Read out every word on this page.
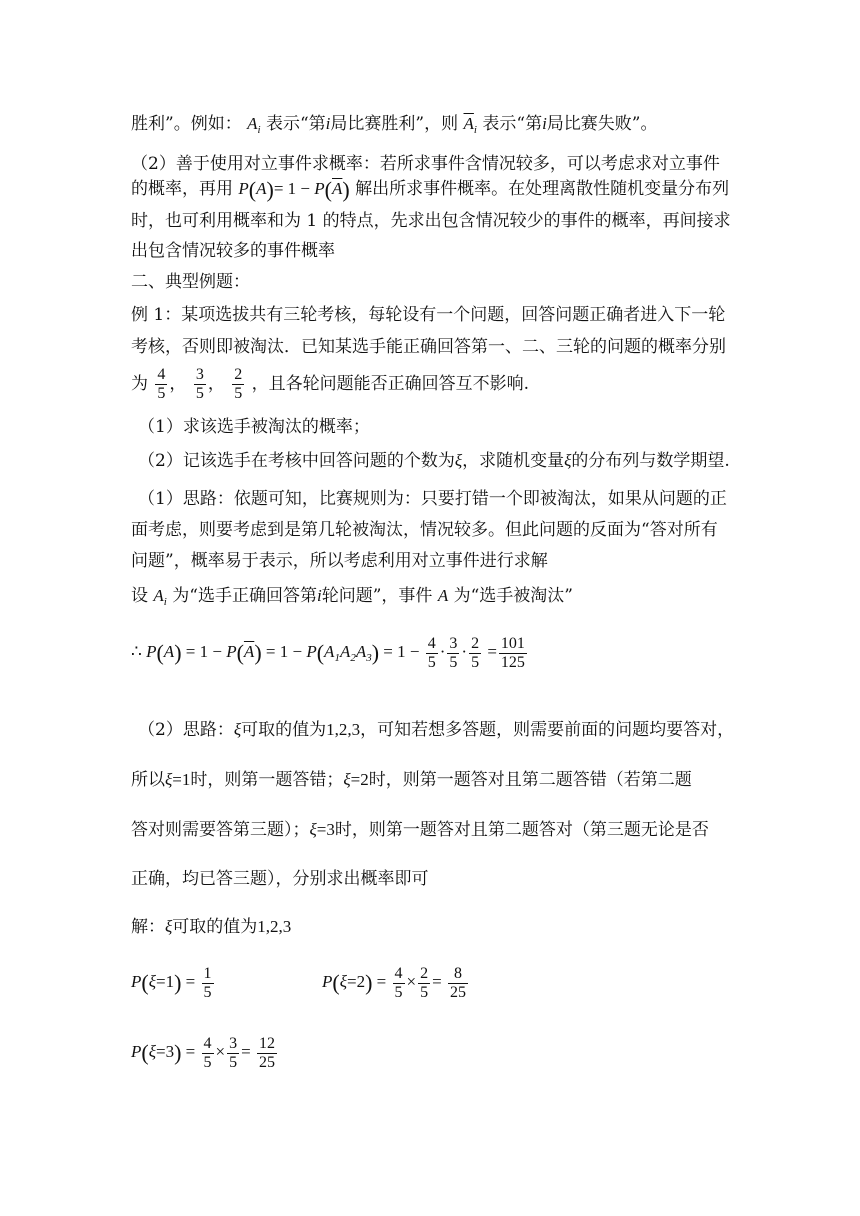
胜利”。例如： $A_i$ 表示“第i局比赛胜利”，则 $\overline{A}_i$ 表示“第i局比赛失败”。
（2）善于使用对立事件求概率：若所求事件含情况较多，可以考虑求对立事件
的概率，再用 $P(A)= 1 - P(\overline{A})$ 解出所求事件概率。在处理离散性随机变量分布列
时，也可利用概率和为 1 的特点，先求出包含情况较少的事件的概率，再间接求
出包含情况较多的事件概率
二、典型例题：
例 1：某项选拔共有三轮考核，每轮设有一个问题，回答问题正确者进入下一轮
考核，否则即被淘汰．已知某选手能正确回答第一、二、三轮的问题的概率分别
为 $\frac{4}{5}$ ， $\frac{3}{5}$ ， $\frac{2}{5}$ ，且各轮问题能否正确回答互不影响.
（1）求该选手被淘汰的概率；
（2）记该选手在考核中回答问题的个数为ξ，求随机变量ξ的分布列与数学期望.
（1）思路：依题可知，比赛规则为：只要打错一个即被淘汰，如果从问题的正
面考虑，则要考虑到是第几轮被淘汰，情况较多。但此问题的反面为“答对所有
问题”，概率易于表示，所以考虑利用对立事件进行求解
设 $A_i$ 为“选手正确回答第i轮问题”，事件 A 为“选手被淘汰”
∴ $P(A) = 1 - P(\overline{A}) = 1 - P(A_1A_2A_3) = 1 - \frac{4}{5} \cdot \frac{3}{5} \cdot \frac{2}{5} = \frac{101}{125}$
（2）思路：ξ可取的值为1,2,3，可知若想多答题，则需要前面的问题均要答对，
所以ξ=1时，则第一题答错；ξ=2时，则第一题答对且第二题答错（若第二题
答对则需要答第三题）；ξ=3时，则第一题答对且第二题答对（第三题无论是否
正确，均已答三题），分别求出概率即可
解：ξ可取的值为1,2,3
$P(\xi=1) = \frac{1}{5}$	$P(\xi=2) = \frac{4}{5} \times \frac{2}{5} = \frac{8}{25}$
$P(\xi=3) = \frac{4}{5} \times \frac{3}{5} = \frac{12}{25}$
